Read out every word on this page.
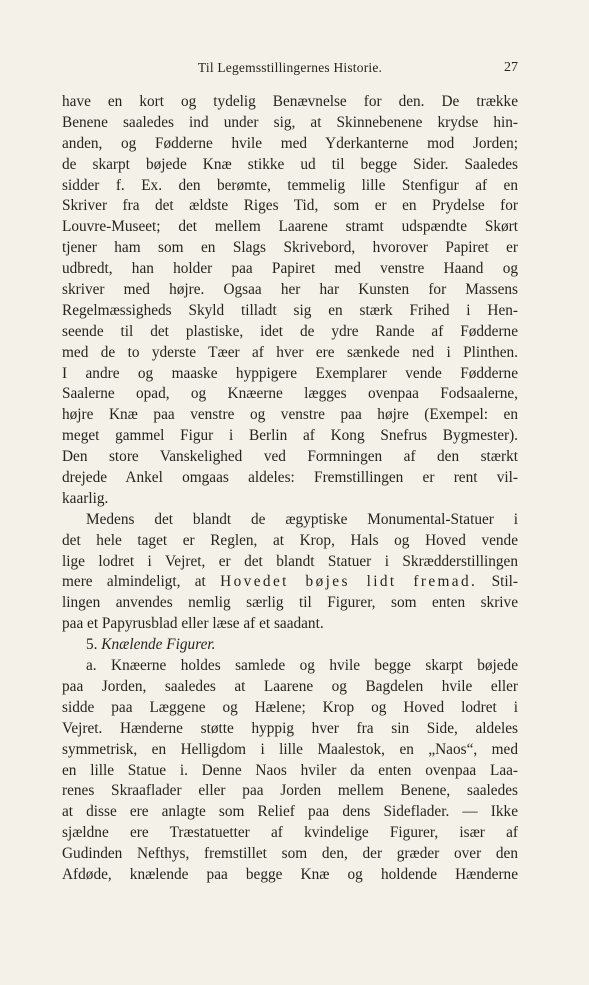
Til Legemsstillingernes Historie.	27
have en kort og tydelig Benævnelse for den. De trække
Benene saaledes ind under sig, at Skinnebenene krydse hin-
anden, og Fødderne hvile med Yderkanterne mod Jorden;
de skarpt bøjede Knæ stikke ud til begge Sider. Saaledes
sidder f. Ex. den berømte, temmelig lille Stenfigur af en
Skriver fra det ældste Riges Tid, som er en Prydelse for
Louvre-Museet; det mellem Laarene stramt udspændte Skørt
tjener ham som en Slags Skrivebord, hvorover Papiret er
udbredt, han holder paa Papiret med venstre Haand og
skriver med højre. Ogsaa her har Kunsten for Massens
Regelmæssigheds Skyld tilladt sig en stærk Frihed i Hen-
seende til det plastiske, idet de ydre Rande af Fødderne
med de to yderste Tæer af hver ere sænkede ned i Plinthen.
I andre og maaske hyppigere Exemplarer vende Fødderne
Saalerne opad, og Knæerne lægges ovenpaa Fodsaalerne,
højre Knæ paa venstre og venstre paa højre (Exempel: en
meget gammel Figur i Berlin af Kong Snefrus Bygmester).
Den store Vanskelighed ved Formningen af den stærkt
drejede Ankel omgaas aldeles: Fremstillingen er rent vil-
kaarlig.
Medens det blandt de ægyptiske Monumental-Statuer i
det hele taget er Reglen, at Krop, Hals og Hoved vende
lige lodret i Vejret, er det blandt Statuer i Skrædderstillingen
mere almindeligt, at Hovedet bøjes lidt fremad. Stil-
lingen anvendes nemlig særlig til Figurer, som enten skrive
paa et Papyrusblad eller læse af et saadant.
5. Knælende Figurer.
a. Knæerne holdes samlede og hvile begge skarpt bøjede
paa Jorden, saaledes at Laarene og Bagdelen hvile eller
sidde paa Læggene og Hælene; Krop og Hoved lodret i
Vejret. Hænderne støtte hyppig hver fra sin Side, aldeles
symmetrisk, en Helligdom i lille Maalestok, en „Naos“, med
en lille Statue i. Denne Naos hviler da enten ovenpaa Laa-
renes Skraaflader eller paa Jorden mellem Benene, saaledes
at disse ere anlagte som Relief paa dens Sideflader. — Ikke
sjældne ere Træstatuetter af kvindelige Figurer, især af
Gudinden Nefthys, fremstillet som den, der græder over den
Afdøde, knælende paa begge Knæ og holdende Hænderne
